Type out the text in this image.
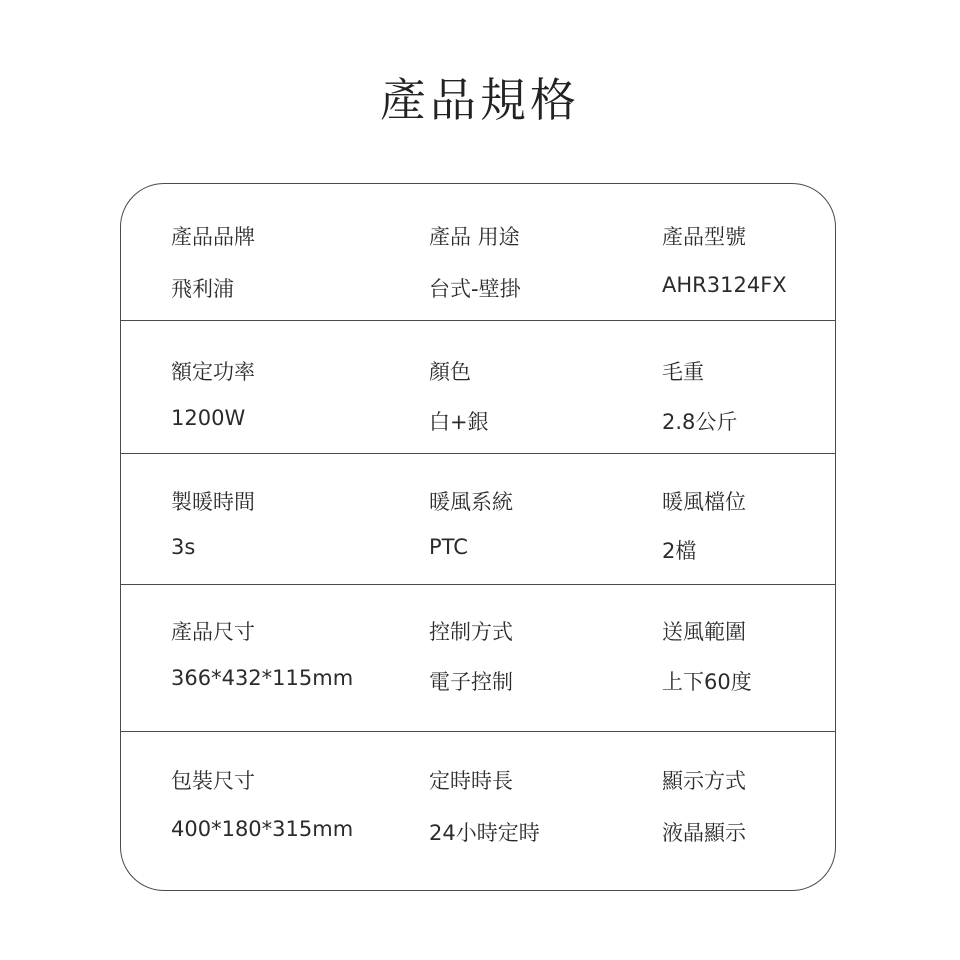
產品規格
產品品牌
飛利浦
產品 用途
台式-壁掛
產品型號
AHR3124FX
額定功率
1200W
顏色
白+銀
毛重
2.8公斤
製暖時間
3s
暖風系統
PTC
暖風檔位
2檔
產品尺寸
366*432*115mm
控制方式
電子控制
送風範圍
上下60度
包裝尺寸
400*180*315mm
定時時長
24小時定時
顯示方式
液晶顯示
